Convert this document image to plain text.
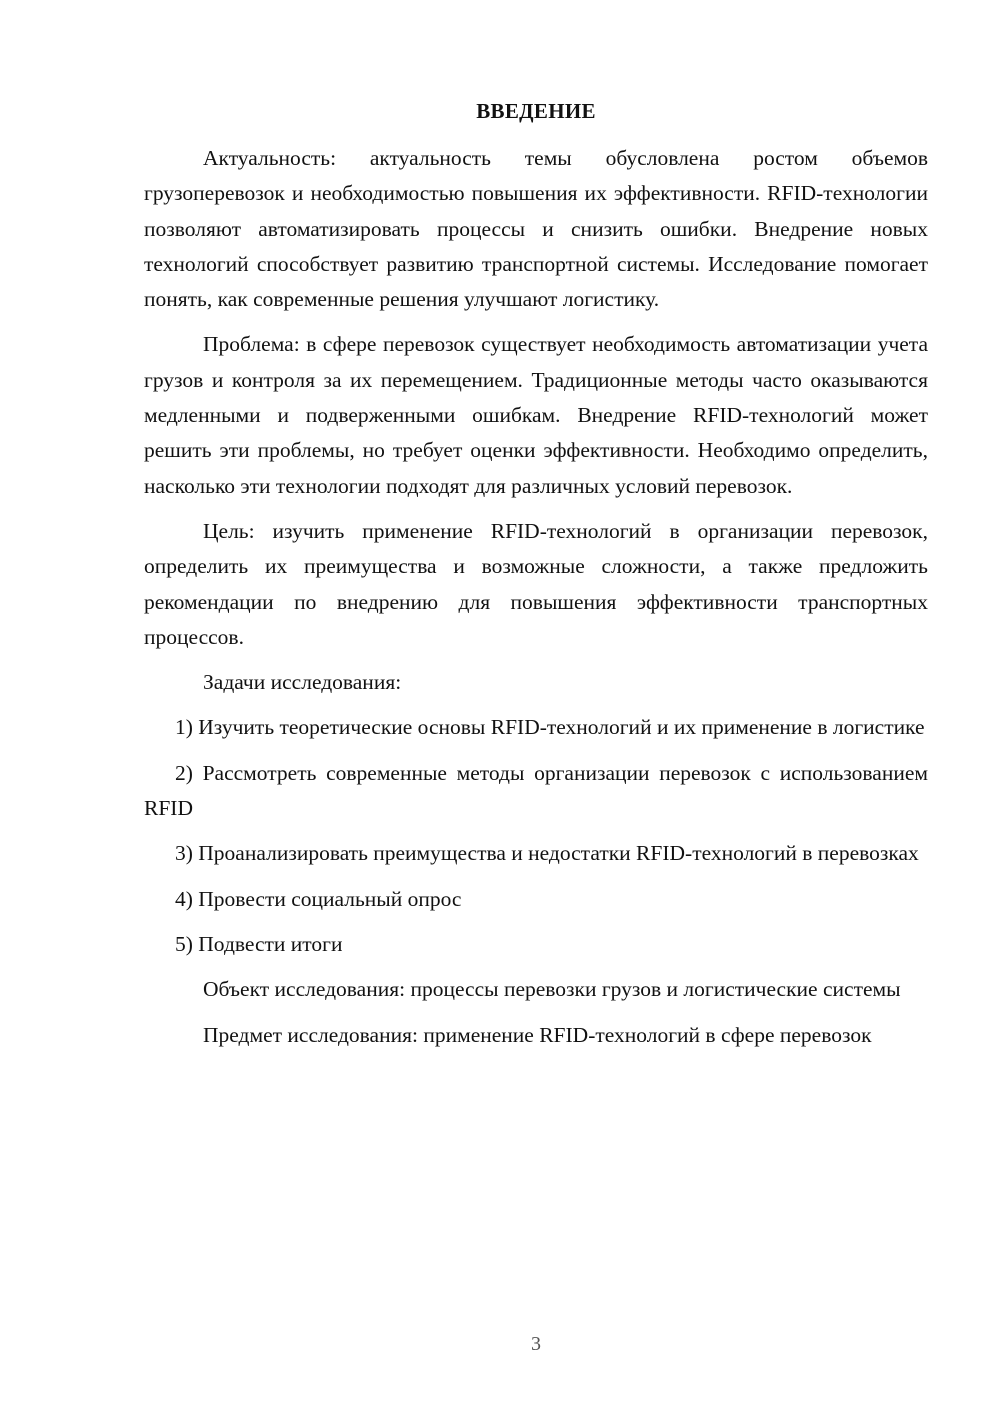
ВВЕДЕНИЕ

Актуальность: актуальность темы обусловлена ростом объемов грузоперевозок и необходимостью повышения их эффективности. RFID-технологии позволяют автоматизировать процессы и снизить ошибки. Внедрение новых технологий способствует развитию транспортной системы. Исследование помогает понять, как современные решения улучшают логистику.

Проблема: в сфере перевозок существует необходимость автоматизации учета грузов и контроля за их перемещением. Традиционные методы часто оказываются медленными и подверженными ошибкам. Внедрение RFID-технологий может решить эти проблемы, но требует оценки эффективности. Необходимо определить, насколько эти технологии подходят для различных условий перевозок.

Цель: изучить применение RFID-технологий в организации перевозок, определить их преимущества и возможные сложности, а также предложить рекомендации по внедрению для повышения эффективности транспортных процессов.

Задачи исследования:

1) Изучить теоретические основы RFID-технологий и их применение в логистике

2) Рассмотреть современные методы организации перевозок с использованием RFID

3) Проанализировать преимущества и недостатки RFID-технологий в перевозках

4) Провести социальный опрос

5) Подвести итоги

Объект исследования: процессы перевозки грузов и логистические системы

Предмет исследования: применение RFID-технологий в сфере перевозок

3
